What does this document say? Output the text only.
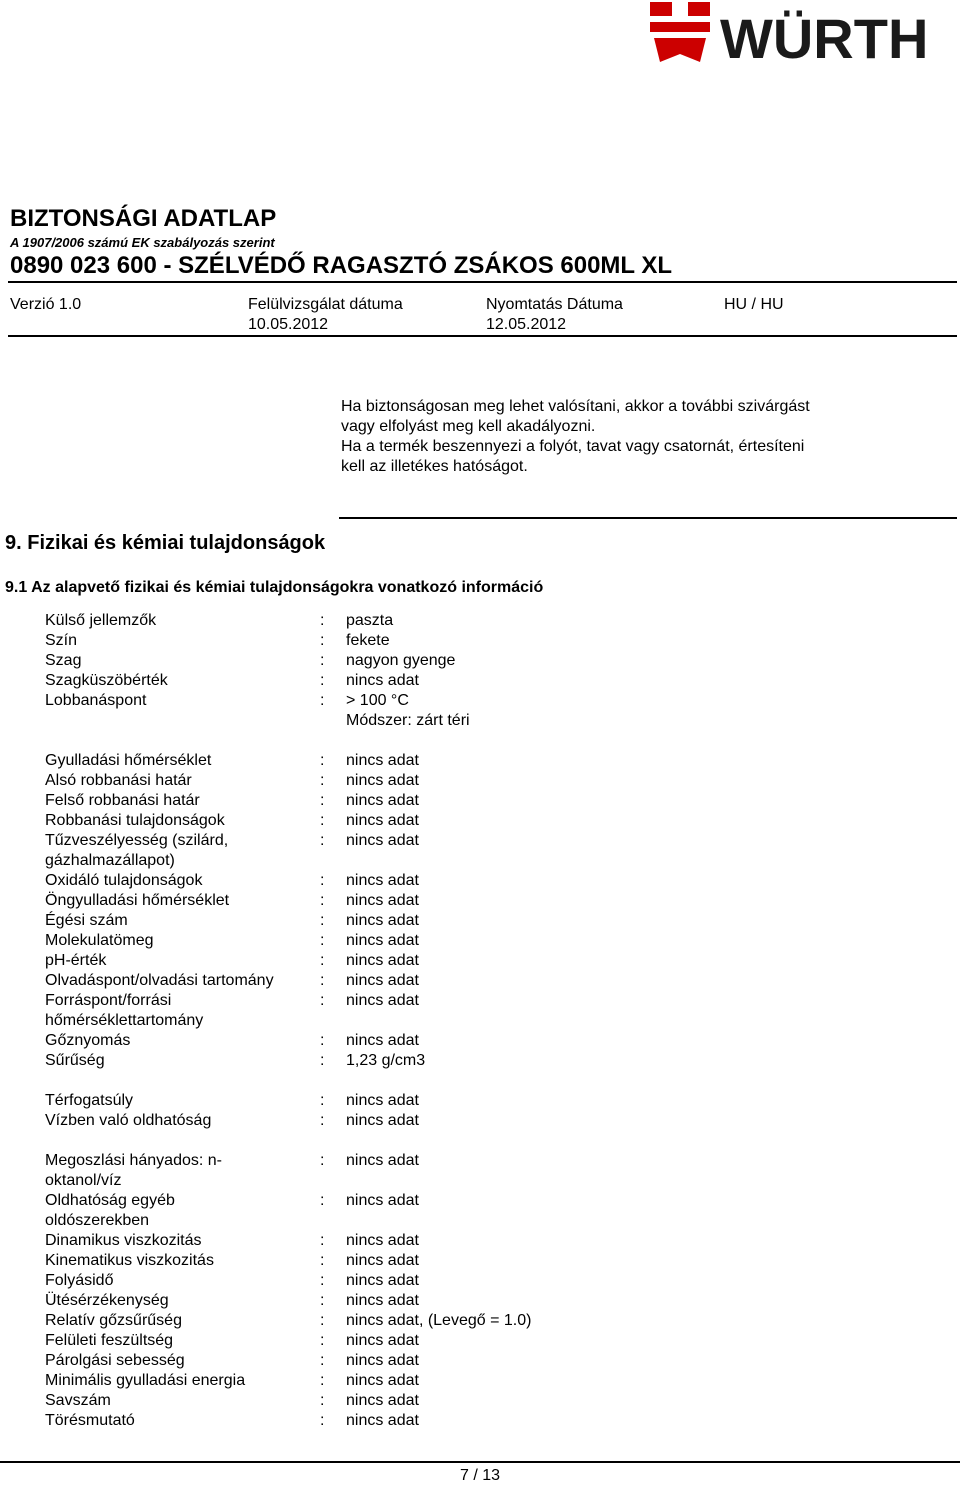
WÜRTH
BIZTONSÁGI ADATLAP
A 1907/2006 számú EK szabályozás szerint
0890 023 600 - SZÉLVÉDŐ RAGASZTÓ ZSÁKOS 600ML XL
Verzió 1.0	Felülvizsgálat dátuma
10.05.2012
Nyomtatás Dátuma
12.05.2012
HU / HU
Ha biztonságosan meg lehet valósítani, akkor a további szivárgást
vagy elfolyást meg kell akadályozni.
Ha a termék beszennyezi a folyót, tavat vagy csatornát, értesíteni
kell az illetékes hatóságot.
9. Fizikai és kémiai tulajdonságok
9.1 Az alapvető fizikai és kémiai tulajdonságokra vonatkozó információ
Külső jellemzők	:	paszta
Szín	:	fekete
Szag	:	nagyon gyenge
Szagküszöbérték	:	nincs adat
Lobbanáspont	:	> 100 °C
Módszer: zárt téri
Gyulladási hőmérséklet	:	nincs adat
Alsó robbanási határ	:	nincs adat
Felső robbanási határ	:	nincs adat
Robbanási tulajdonságok	:	nincs adat
Tűzveszélyesség (szilárd,
gázhalmazállapot)
:	nincs adat
Oxidáló tulajdonságok	:	nincs adat
Öngyulladási hőmérséklet	:	nincs adat
Égési szám	:	nincs adat
Molekulatömeg	:	nincs adat
pH-érték	:	nincs adat
Olvadáspont/olvadási tartomány	:	nincs adat
Forráspont/forrási
hőmérséklettartomány
:	nincs adat
Gőznyomás	:	nincs adat
Sűrűség	:	1,23 g/cm3
Térfogatsúly	:	nincs adat
Vízben való oldhatóság	:	nincs adat
Megoszlási hányados: n-
oktanol/víz
:	nincs adat
Oldhatóság egyéb
oldószerekben
:	nincs adat
Dinamikus viszkozitás	:	nincs adat
Kinematikus viszkozitás	:	nincs adat
Folyásidő	:	nincs adat
Ütésérzékenység	:	nincs adat
Relatív gőzsűrűség	:	nincs adat, (Levegő = 1.0)
Felületi feszültség	:	nincs adat
Párolgási sebesség	:	nincs adat
Minimális gyulladási energia	:	nincs adat
Savszám	:	nincs adat
Törésmutató	:	nincs adat
7 / 13
